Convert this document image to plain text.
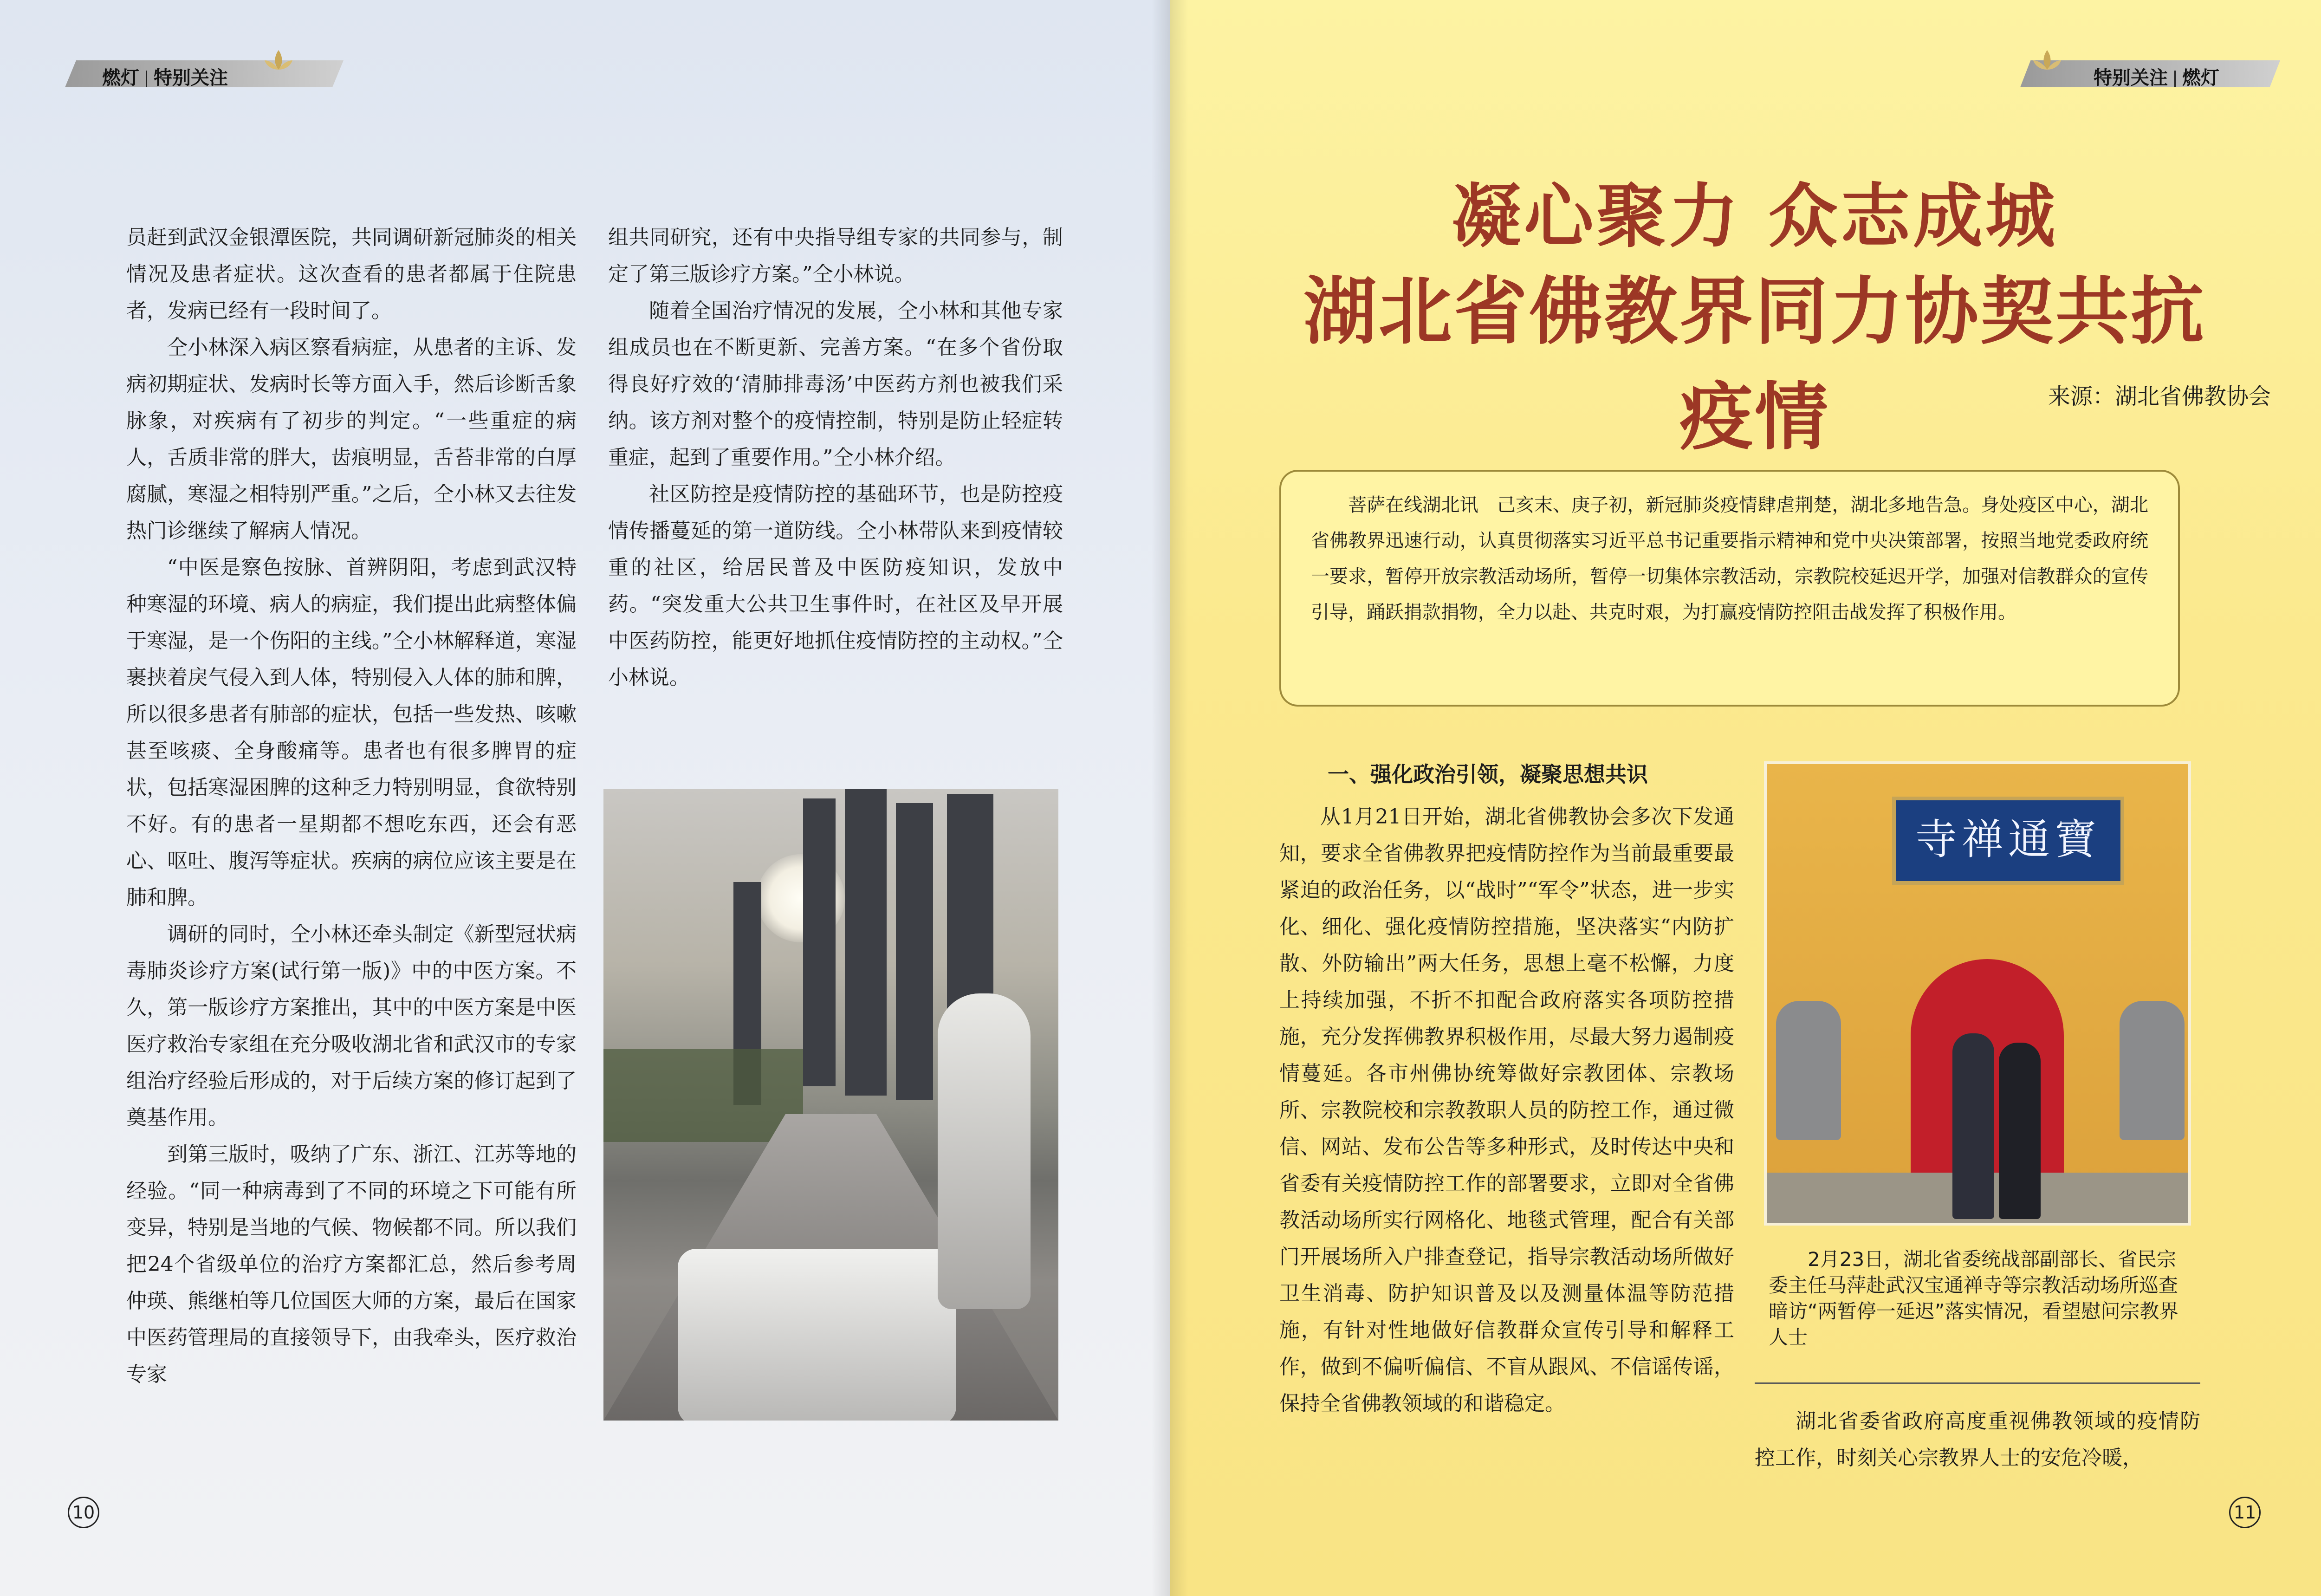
燃灯 特别关注

员赶到武汉金银潭医院，共同调研新冠肺炎的相关情况及患者症状。这次查看的患者都属于住院患者，发病已经有一段时间了。

仝小林深入病区察看病症，从患者的主诉、发病初期症状、发病时长等方面入手，然后诊断舌象脉象，对疾病有了初步的判定。“一些重症的病人，舌质非常的胖大，齿痕明显，舌苔非常的白厚腐腻，寒湿之相特别严重。”之后，仝小林又去往发热门诊继续了解病人情况。

“中医是察色按脉、首辨阴阳，考虑到武汉特种寒湿的环境、病人的病症，我们提出此病整体偏于寒湿，是一个伤阳的主线。”仝小林解释道，寒湿裹挟着戾气侵入到人体，特别侵入人体的肺和脾，所以很多患者有肺部的症状，包括一些发热、咳嗽甚至咳痰、全身酸痛等。患者也有很多脾胃的症状，包括寒湿困脾的这种乏力特别明显，食欲特别不好。有的患者一星期都不想吃东西，还会有恶心、呕吐、腹泻等症状。疾病的病位应该主要是在肺和脾。

调研的同时，仝小林还牵头制定《新型冠状病毒肺炎诊疗方案(试行第一版)》中的中医方案。不久，第一版诊疗方案推出，其中的中医方案是中医医疗救治专家组在充分吸收湖北省和武汉市的专家组治疗经验后形成的，对于后续方案的修订起到了奠基作用。

到第三版时，吸纳了广东、浙江、江苏等地的经验。“同一种病毒到了不同的环境之下可能有所变异，特别是当地的气候、物候都不同。所以我们把24个省级单位的治疗方案都汇总，然后参考周仲瑛、熊继柏等几位国医大师的方案，最后在国家中医药管理局的直接领导下，由我牵头，医疗救治专家

组共同研究，还有中央指导组专家的共同参与，制定了第三版诊疗方案。”仝小林说。

随着全国治疗情况的发展，仝小林和其他专家组成员也在不断更新、完善方案。“在多个省份取得良好疗效的‘清肺排毒汤’中医药方剂也被我们采纳。该方剂对整个的疫情控制，特别是防止轻症转重症，起到了重要作用。”仝小林介绍。

社区防控是疫情防控的基础环节，也是防控疫情传播蔓延的第一道防线。仝小林带队来到疫情较重的社区，给居民普及中医防疫知识，发放中药。“突发重大公共卫生事件时，在社区及早开展中医药防控，能更好地抓住疫情防控的主动权。”仝小林说。

10
特别关注 燃灯
11
凝心聚力 众志成城
湖北省佛教界同力协契共抗疫情	来源：湖北省佛教协会

菩萨在线湖北讯　己亥末、庚子初，新冠肺炎疫情肆虐荆楚，湖北多地告急。身处疫区中心，湖北省佛教界迅速行动，认真贯彻落实习近平总书记重要指示精神和党中央决策部署，按照当地党委政府统一要求，暂停开放宗教活动场所，暂停一切集体宗教活动，宗教院校延迟开学，加强对信教群众的宣传引导，踊跃捐款捐物，全力以赴、共克时艰，为打赢疫情防控阻击战发挥了积极作用。

一、强化政治引领，凝聚思想共识

从1月21日开始，湖北省佛教协会多次下发通知，要求全省佛教界把疫情防控作为当前最重要最紧迫的政治任务，以“战时”“军令”状态，进一步实化、细化、强化疫情防控措施，坚决落实“内防扩散、外防输出”两大任务，思想上毫不松懈，力度上持续加强，不折不扣配合政府落实各项防控措施，充分发挥佛教界积极作用，尽最大努力遏制疫情蔓延。各市州佛协统筹做好宗教团体、宗教场所、宗教院校和宗教教职人员的防控工作，通过微信、网站、发布公告等多种形式，及时传达中央和省委有关疫情防控工作的部署要求，立即对全省佛教活动场所实行网格化、地毯式管理，配合有关部门开展场所入户排查登记，指导宗教活动场所做好卫生消毒、防护知识普及以及测量体温等防范措施，有针对性地做好信教群众宣传引导和解释工作，做到不偏听偏信、不盲从跟风、不信谣传谣，保持全省佛教领域的和谐稳定。

寺禅通寶
2月23日，湖北省委统战部副部长、省民宗委主任马萍赴武汉宝通禅寺等宗教活动场所巡查暗访“两暂停一延迟”落实情况，看望慰问宗教界人士

湖北省委省政府高度重视佛教领域的疫情防控工作，时刻关心宗教界人士的安危冷暖，
